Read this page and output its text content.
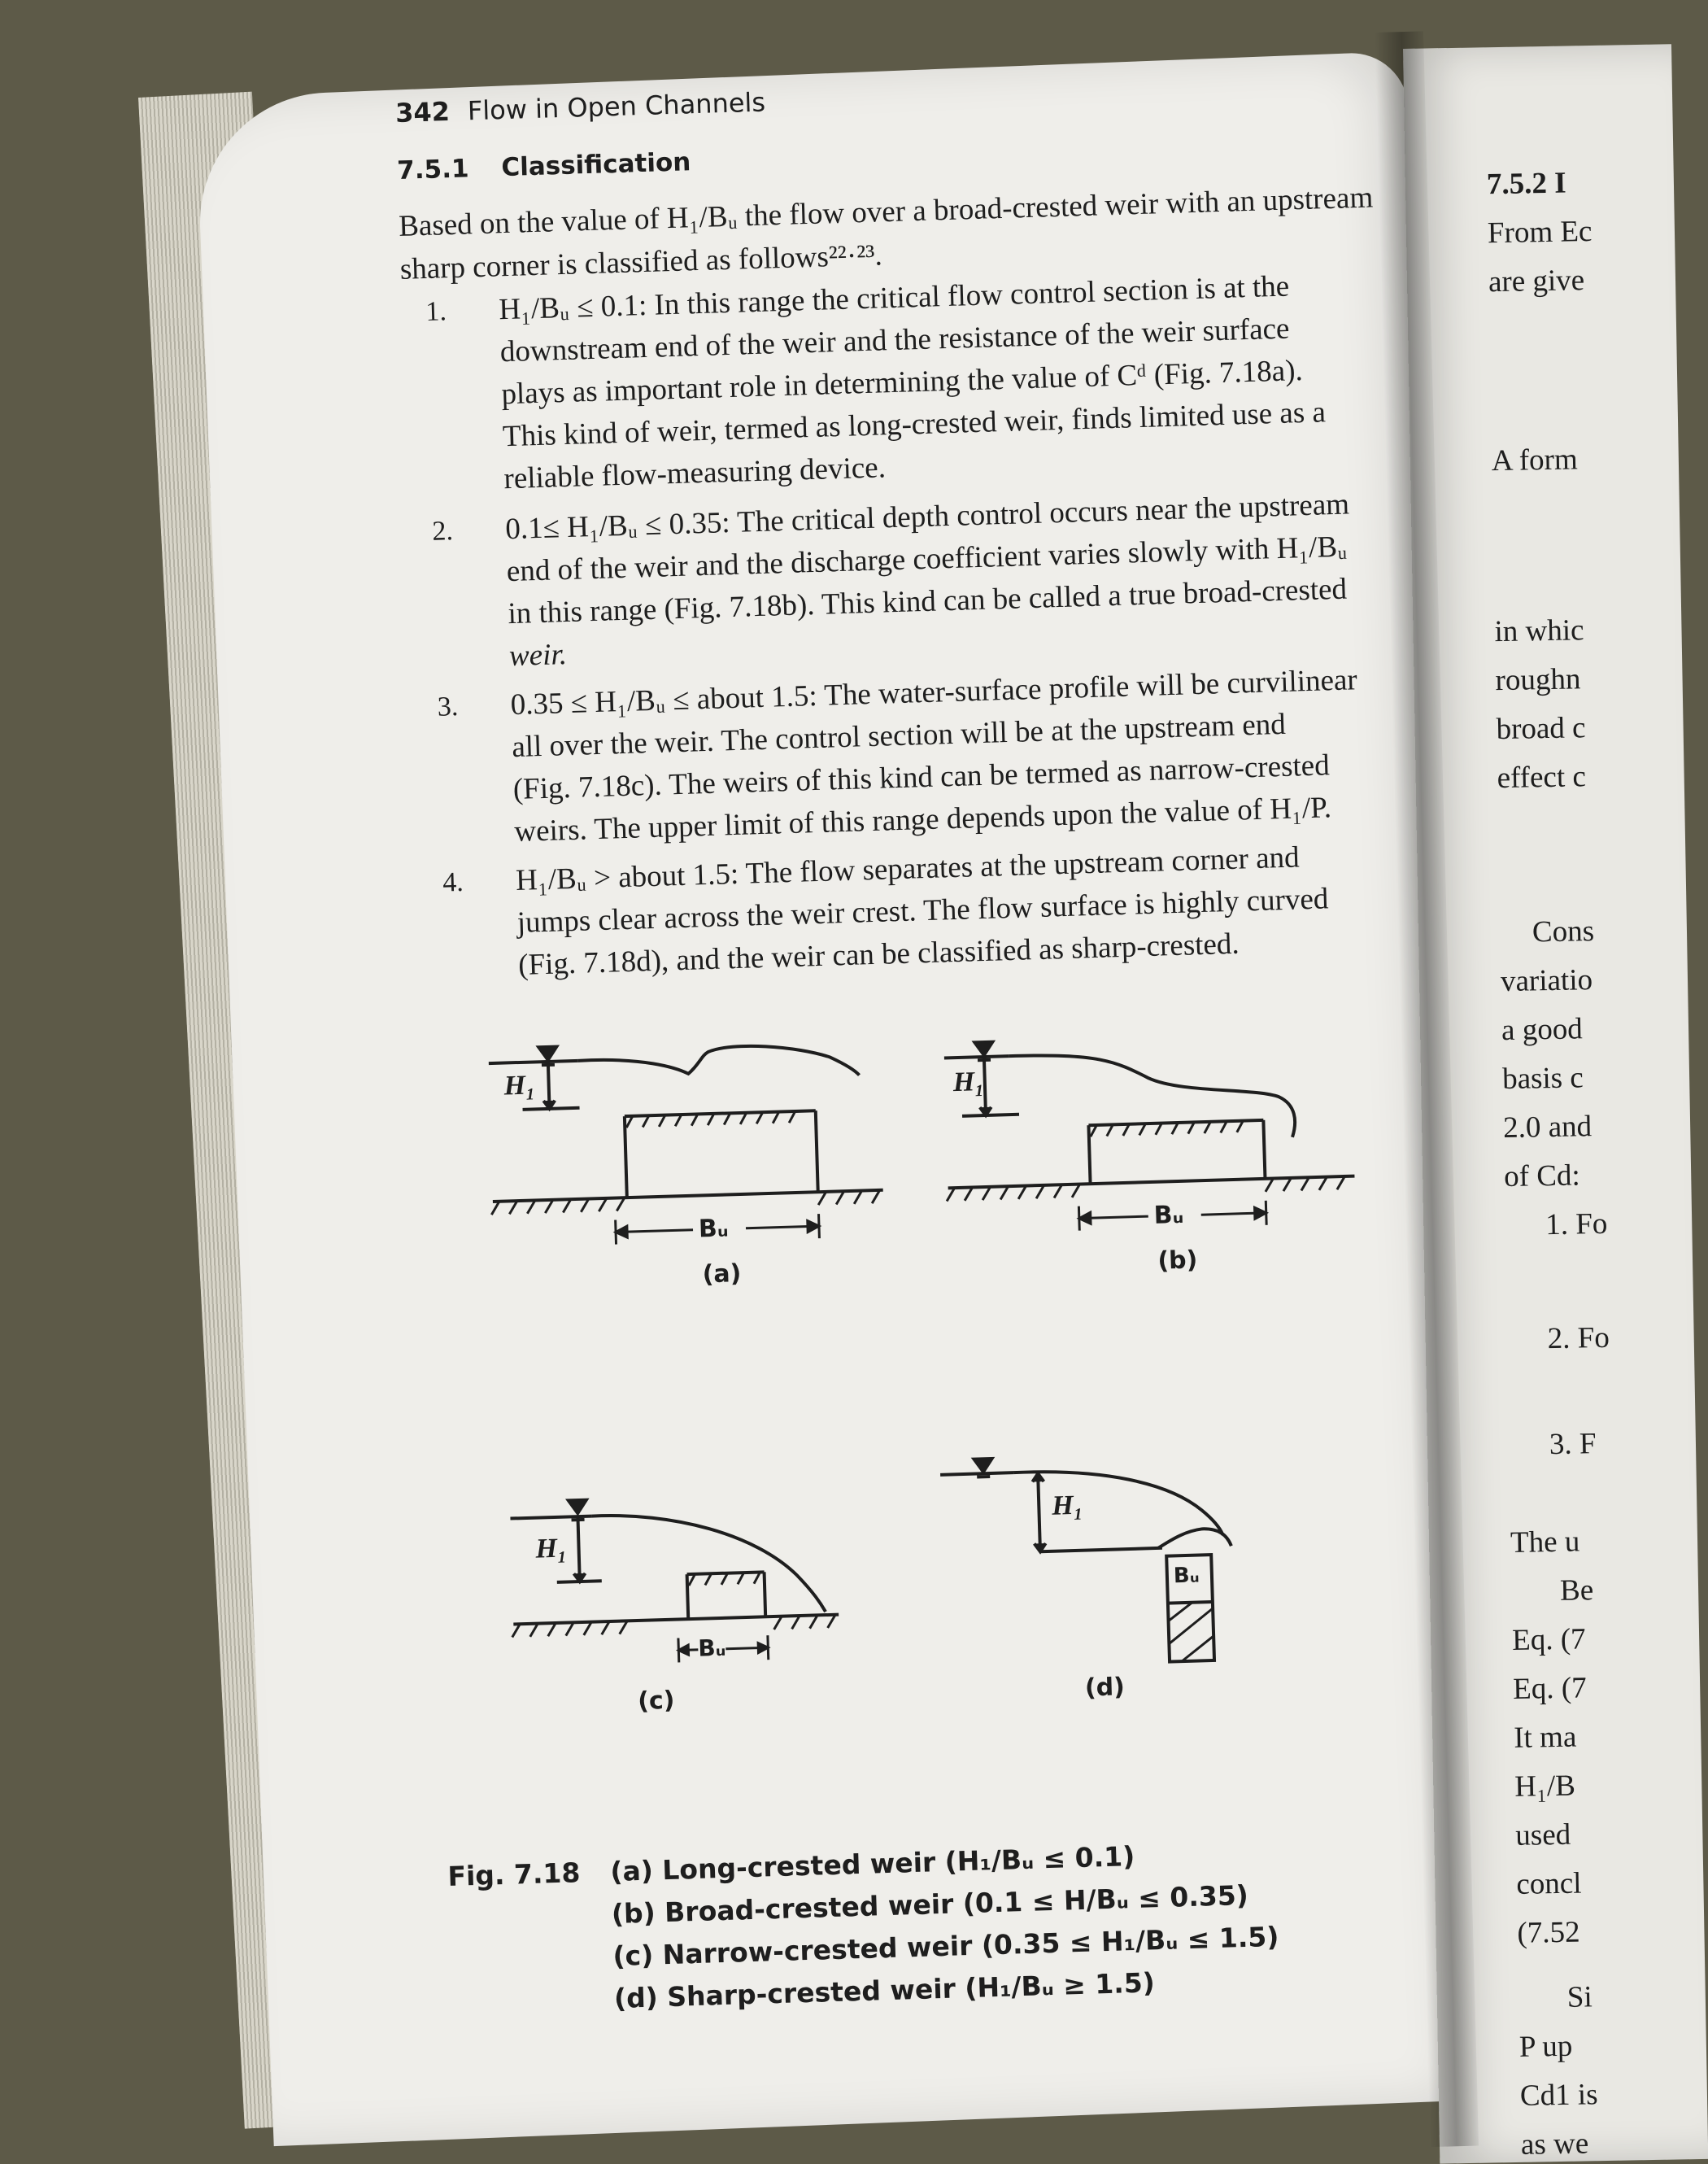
7.5.2 I
From Ec
are give
A form
in whic
roughn
broad c
effect c
Cons
variatio
a good
basis c
2.0 and
of Cd:
1. Fo
2. Fo
3. F
The u
Be
Eq. (7
Eq. (7
It ma
H₁/B
used
concl
(7.52
Si
P up
Cd1 is
as we
342 Flow in Open Channels
7.5.1 Classification
Based on the value of H₁/Bᵤ the flow over a broad-crested weir with an upstream
sharp corner is classified as follows²²·²³.
1. H₁/Bᵤ ≤ 0.1: In this range the critical flow control section is at the
downstream end of the weir and the resistance of the weir surface
plays as important role in determining the value of Cᵈ (Fig. 7.18a).
This kind of weir, termed as long-crested weir, finds limited use as a
reliable flow-measuring device.
2. 0.1≤ H₁/Bᵤ ≤ 0.35: The critical depth control occurs near the upstream
end of the weir and the discharge coefficient varies slowly with H₁/Bᵤ
in this range (Fig. 7.18b). This kind can be called a true broad-crested
weir.
3. 0.35 ≤ H₁/Bᵤ ≤ about 1.5: The water-surface profile will be curvilinear
all over the weir. The control section will be at the upstream end
(Fig. 7.18c). The weirs of this kind can be termed as narrow-crested
weirs. The upper limit of this range depends upon the value of H₁/P.
4. H₁/Bᵤ > about 1.5: The flow separates at the upstream corner and
jumps clear across the weir crest. The flow surface is highly curved
(Fig. 7.18d), and the weir can be classified as sharp-crested.
H₁
Bᵤ
(a)
H₁
Bᵤ
(b)
H₁
Bᵤ
(c)
H₁
Bᵤ
(d)
Fig. 7.18 (a) Long-crested weir (H₁/Bᵤ ≤ 0.1)
(b) Broad-crested weir (0.1 ≤ H/Bᵤ ≤ 0.35)
(c) Narrow-crested weir (0.35 ≤ H₁/Bᵤ ≤ 1.5)
(d) Sharp-crested weir (H₁/Bᵤ ≥ 1.5)
